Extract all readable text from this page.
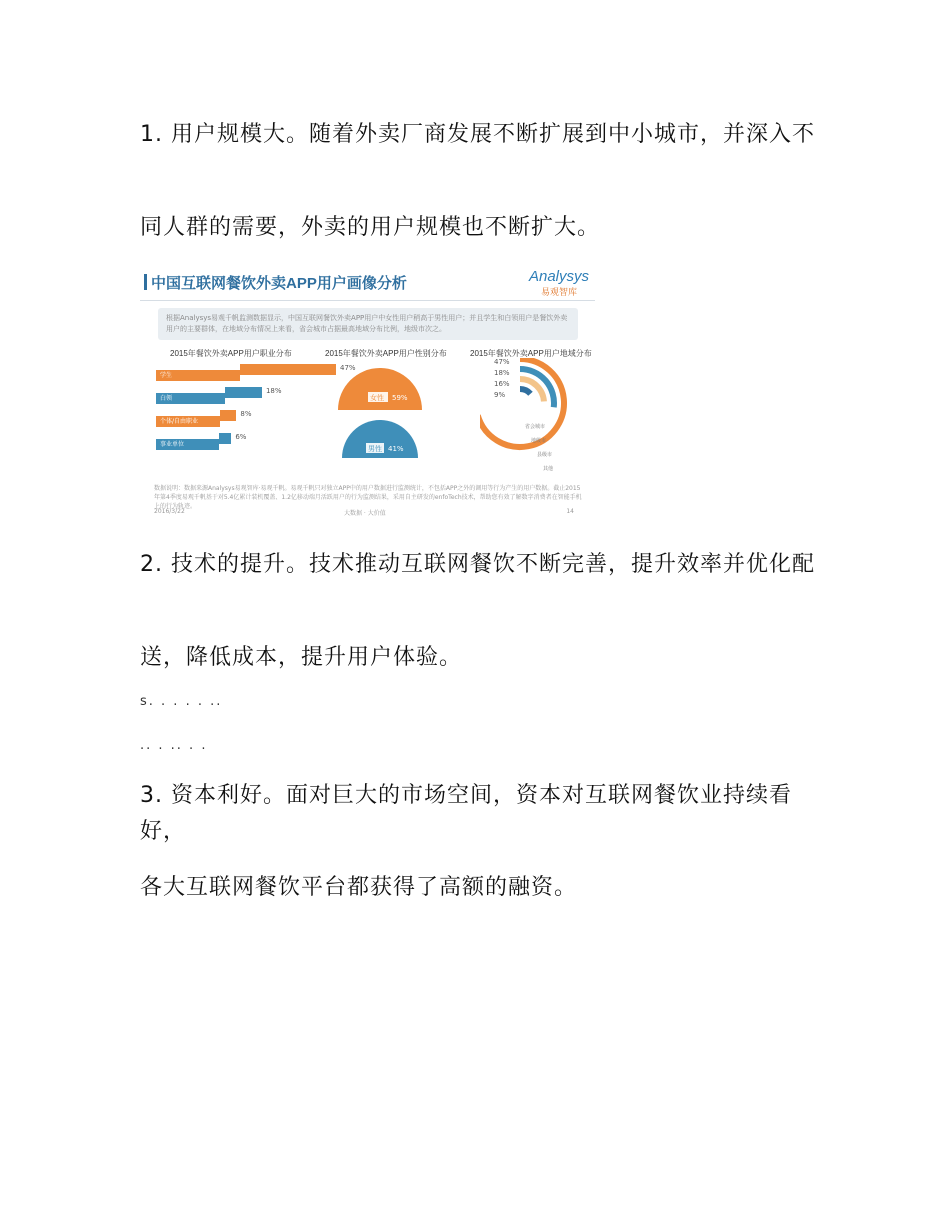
1. 用户规模大。随着外卖厂商发展不断扩展到中小城市，并深入不

同人群的需要，外卖的用户规模也不断扩大。

中国互联网餐饮外卖APP用户画像分析	Analysys
易观智库
根据Analysys易观千帆监测数据显示，中国互联网餐饮外卖APP用户中女性用户稍高于男性用户；并且学生和白领用户是餐饮外卖用户的主要群体，在地域分布情况上来看，省会城市占据最高地域分布比例，地级市次之。
2015年餐饮外卖APP用户职业分布
学生
47%
白领
18%
个体/自由职业
8%
事业单位
6%
2015年餐饮外卖APP用户性别分布
女性 59%
男性 41%
2015年餐饮外卖APP用户地域分布
47%
省会城市
18%
地级市
16%
县级市
9%
其他
数据说明：数据来源Analysys易观智库·易观千帆。易观千帆只对独立APP中的用户数据进行监测统计，不包括APP之外的调用等行为产生的用户数据。截止2015年第4季度易观千帆基于对5.4亿累计装机覆盖、1.2亿移动端月活跃用户的行为监测结果，采用自主研发的enfoTech技术，帮助您有效了解数字消费者在智能手机上的行为轨迹。
2016/3/22	大数据 · 大价值	14

2. 技术的提升。技术推动互联网餐饮不断完善，提升效率并优化配

送，降低成本，提升用户体验。

s. . . . . ..
.. . .. . .

3. 资本利好。面对巨大的市场空间，资本对互联网餐饮业持续看好，

各大互联网餐饮平台都获得了高额的融资。
